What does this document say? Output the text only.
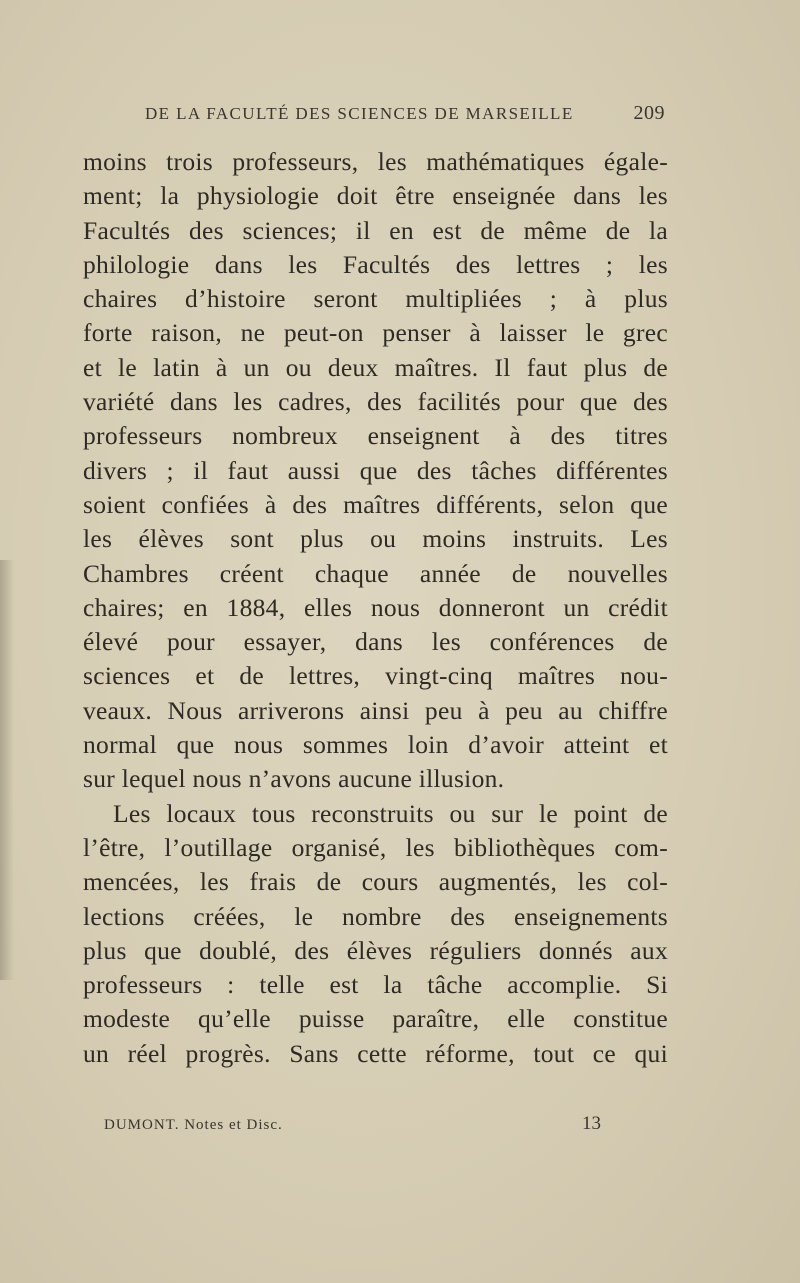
DE LA FACULTÉ DES SCIENCES DE MARSEILLE	209
moins trois professeurs, les mathématiques égale-
ment; la physiologie doit être enseignée dans les
Facultés des sciences; il en est de même de la
philologie dans les Facultés des lettres ; les
chaires d’histoire seront multipliées ; à plus
forte raison, ne peut-on penser à laisser le grec
et le latin à un ou deux maîtres. Il faut plus de
variété dans les cadres, des facilités pour que des
professeurs nombreux enseignent à des titres
divers ; il faut aussi que des tâches différentes
soient confiées à des maîtres différents, selon que
les élèves sont plus ou moins instruits. Les
Chambres créent chaque année de nouvelles
chaires; en 1884, elles nous donneront un crédit
élevé pour essayer, dans les conférences de
sciences et de lettres, vingt-cinq maîtres nou-
veaux. Nous arriverons ainsi peu à peu au chiffre
normal que nous sommes loin d’avoir atteint et
sur lequel nous n’avons aucune illusion.
Les locaux tous reconstruits ou sur le point de
l’être, l’outillage organisé, les bibliothèques com-
mencées, les frais de cours augmentés, les col-
lections créées, le nombre des enseignements
plus que doublé, des élèves réguliers donnés aux
professeurs : telle est la tâche accomplie. Si
modeste qu’elle puisse paraître, elle constitue
un réel progrès. Sans cette réforme, tout ce qui
DUMONT. Notes et Disc.	13
